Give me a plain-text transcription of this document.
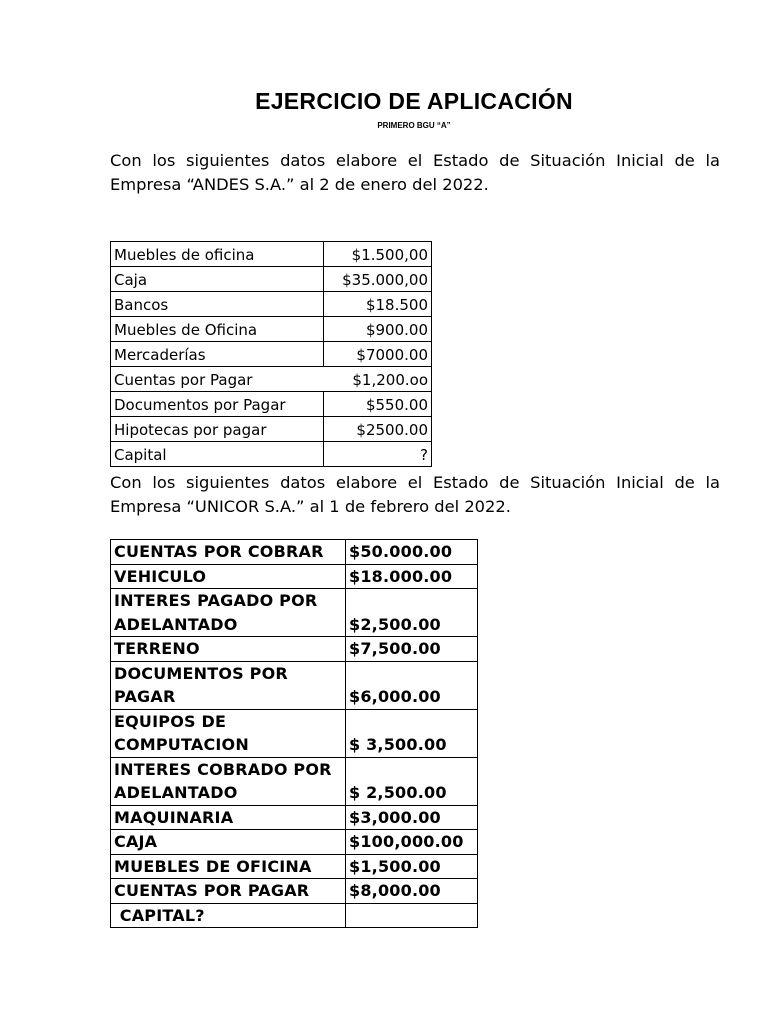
EJERCICIO DE APLICACIÓN
PRIMERO BGU “A”
Con los siguientes datos elabore el Estado de Situación Inicial de la Empresa “ANDES S.A.” al 2 de enero del 2022.
Muebles de oficina	$1.500,00
Caja	$35.000,00
Bancos	$18.500
Muebles de Oficina	$900.00
Mercaderías	$7000.00
Cuentas por Pagar	$1,200.oo
Documentos por Pagar	$550.00
Hipotecas por pagar	$2500.00
Capital	?
Con los siguientes datos elabore el Estado de Situación Inicial de la Empresa “UNICOR S.A.” al 1 de febrero del 2022.
CUENTAS POR COBRAR	$50.000.00
VEHICULO	$18.000.00
INTERES PAGADO POR ADELANTADO	$2,500.00
TERRENO	$7,500.00
DOCUMENTOS POR PAGAR	$6,000.00
EQUIPOS DE COMPUTACION	$ 3,500.00
INTERES COBRADO POR ADELANTADO	$ 2,500.00
MAQUINARIA	$3,000.00
CAJA	$100,000.00
MUEBLES DE OFICINA	$1,500.00
CUENTAS POR PAGAR	$8,000.00
CAPITAL?	
